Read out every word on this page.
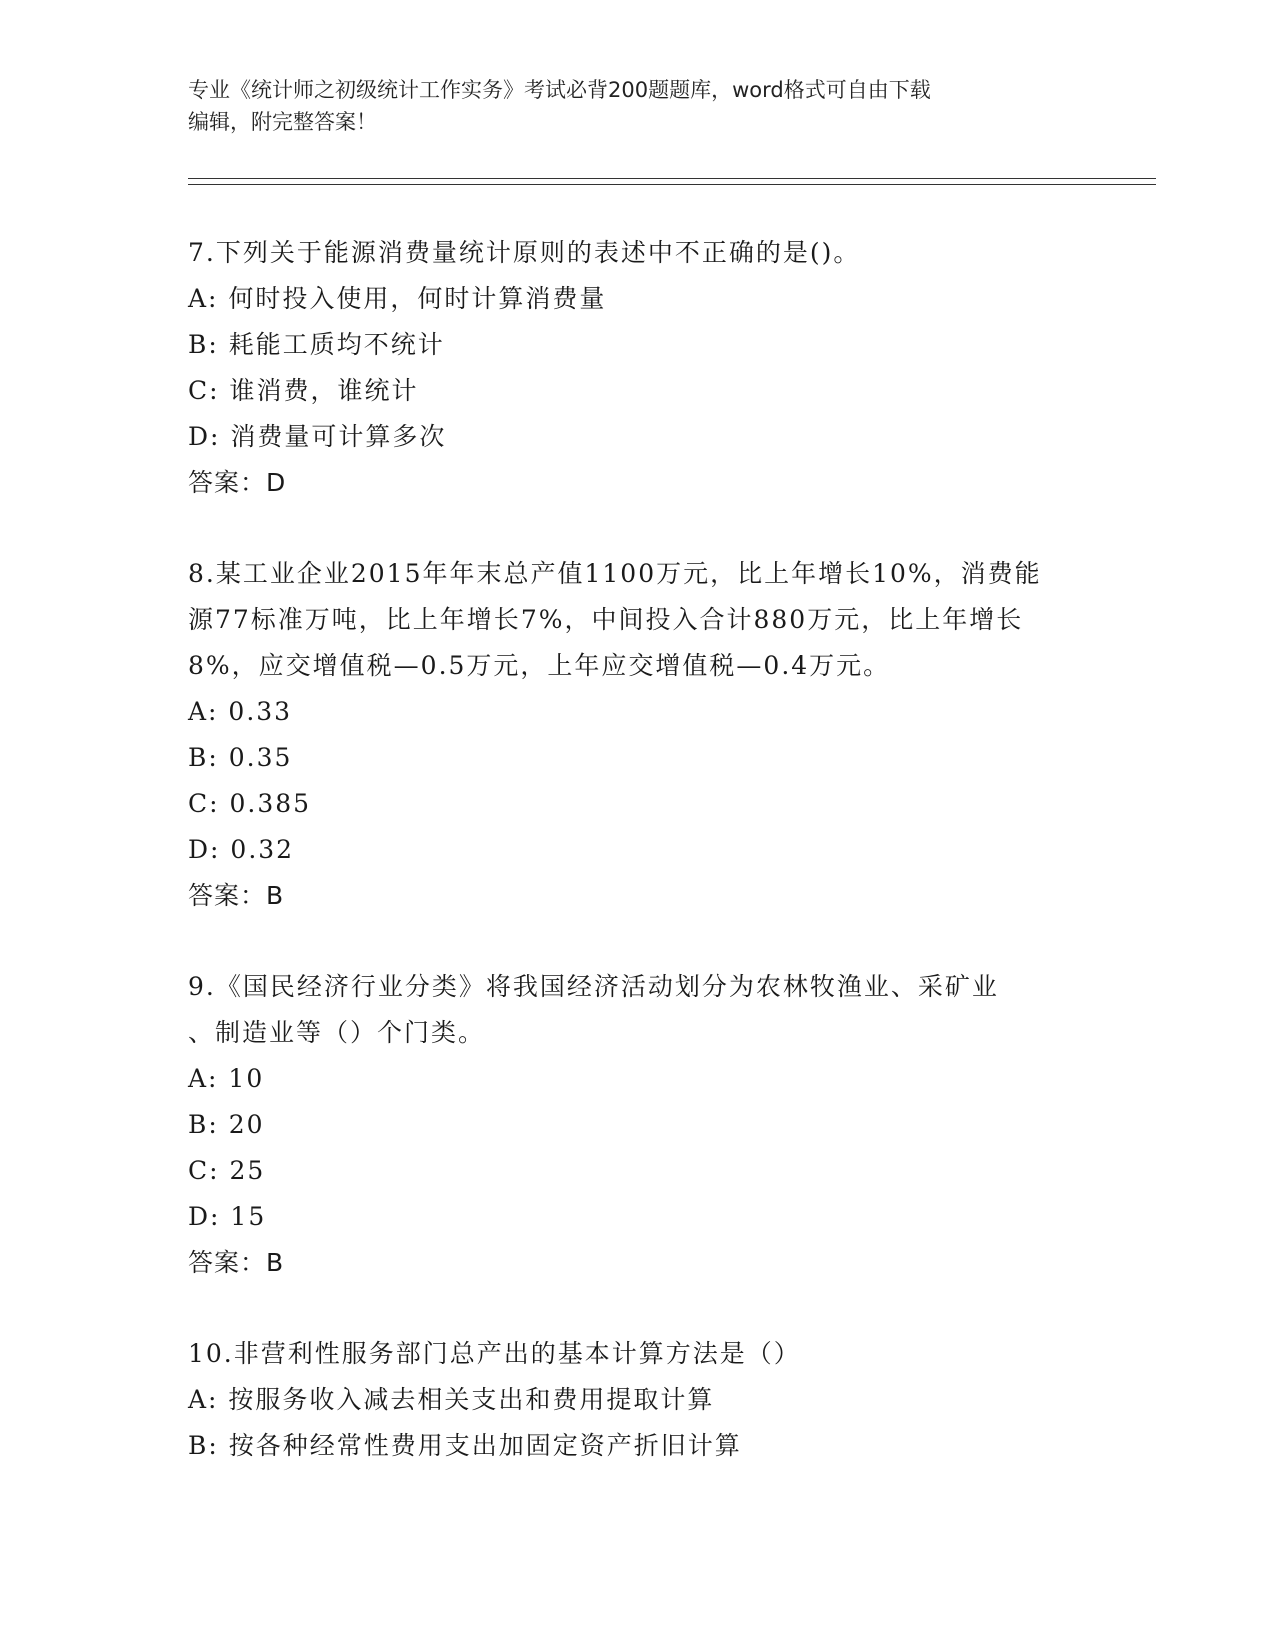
专业《统计师之初级统计工作实务》考试必背200题题库，word格式可自由下载
编辑，附完整答案！
7.下列关于能源消费量统计原则的表述中不正确的是()。
A: 何时投入使用，何时计算消费量
B: 耗能工质均不统计
C: 谁消费，谁统计
D: 消费量可计算多次
答案：D
8.某工业企业2015年年末总产值1100万元，比上年增长10%，消费能
源77标准万吨，比上年增长7%，中间投入合计880万元，比上年增长
8%，应交增值税—0.5万元，上年应交增值税—0.4万元。
A: 0.33
B: 0.35
C: 0.385
D: 0.32
答案：B
9.《国民经济行业分类》将我国经济活动划分为农林牧渔业、采矿业
、制造业等（）个门类。
A: 10
B: 20
C: 25
D: 15
答案：B
10.非营利性服务部门总产出的基本计算方法是（）
A: 按服务收入减去相关支出和费用提取计算
B: 按各种经常性费用支出加固定资产折旧计算
